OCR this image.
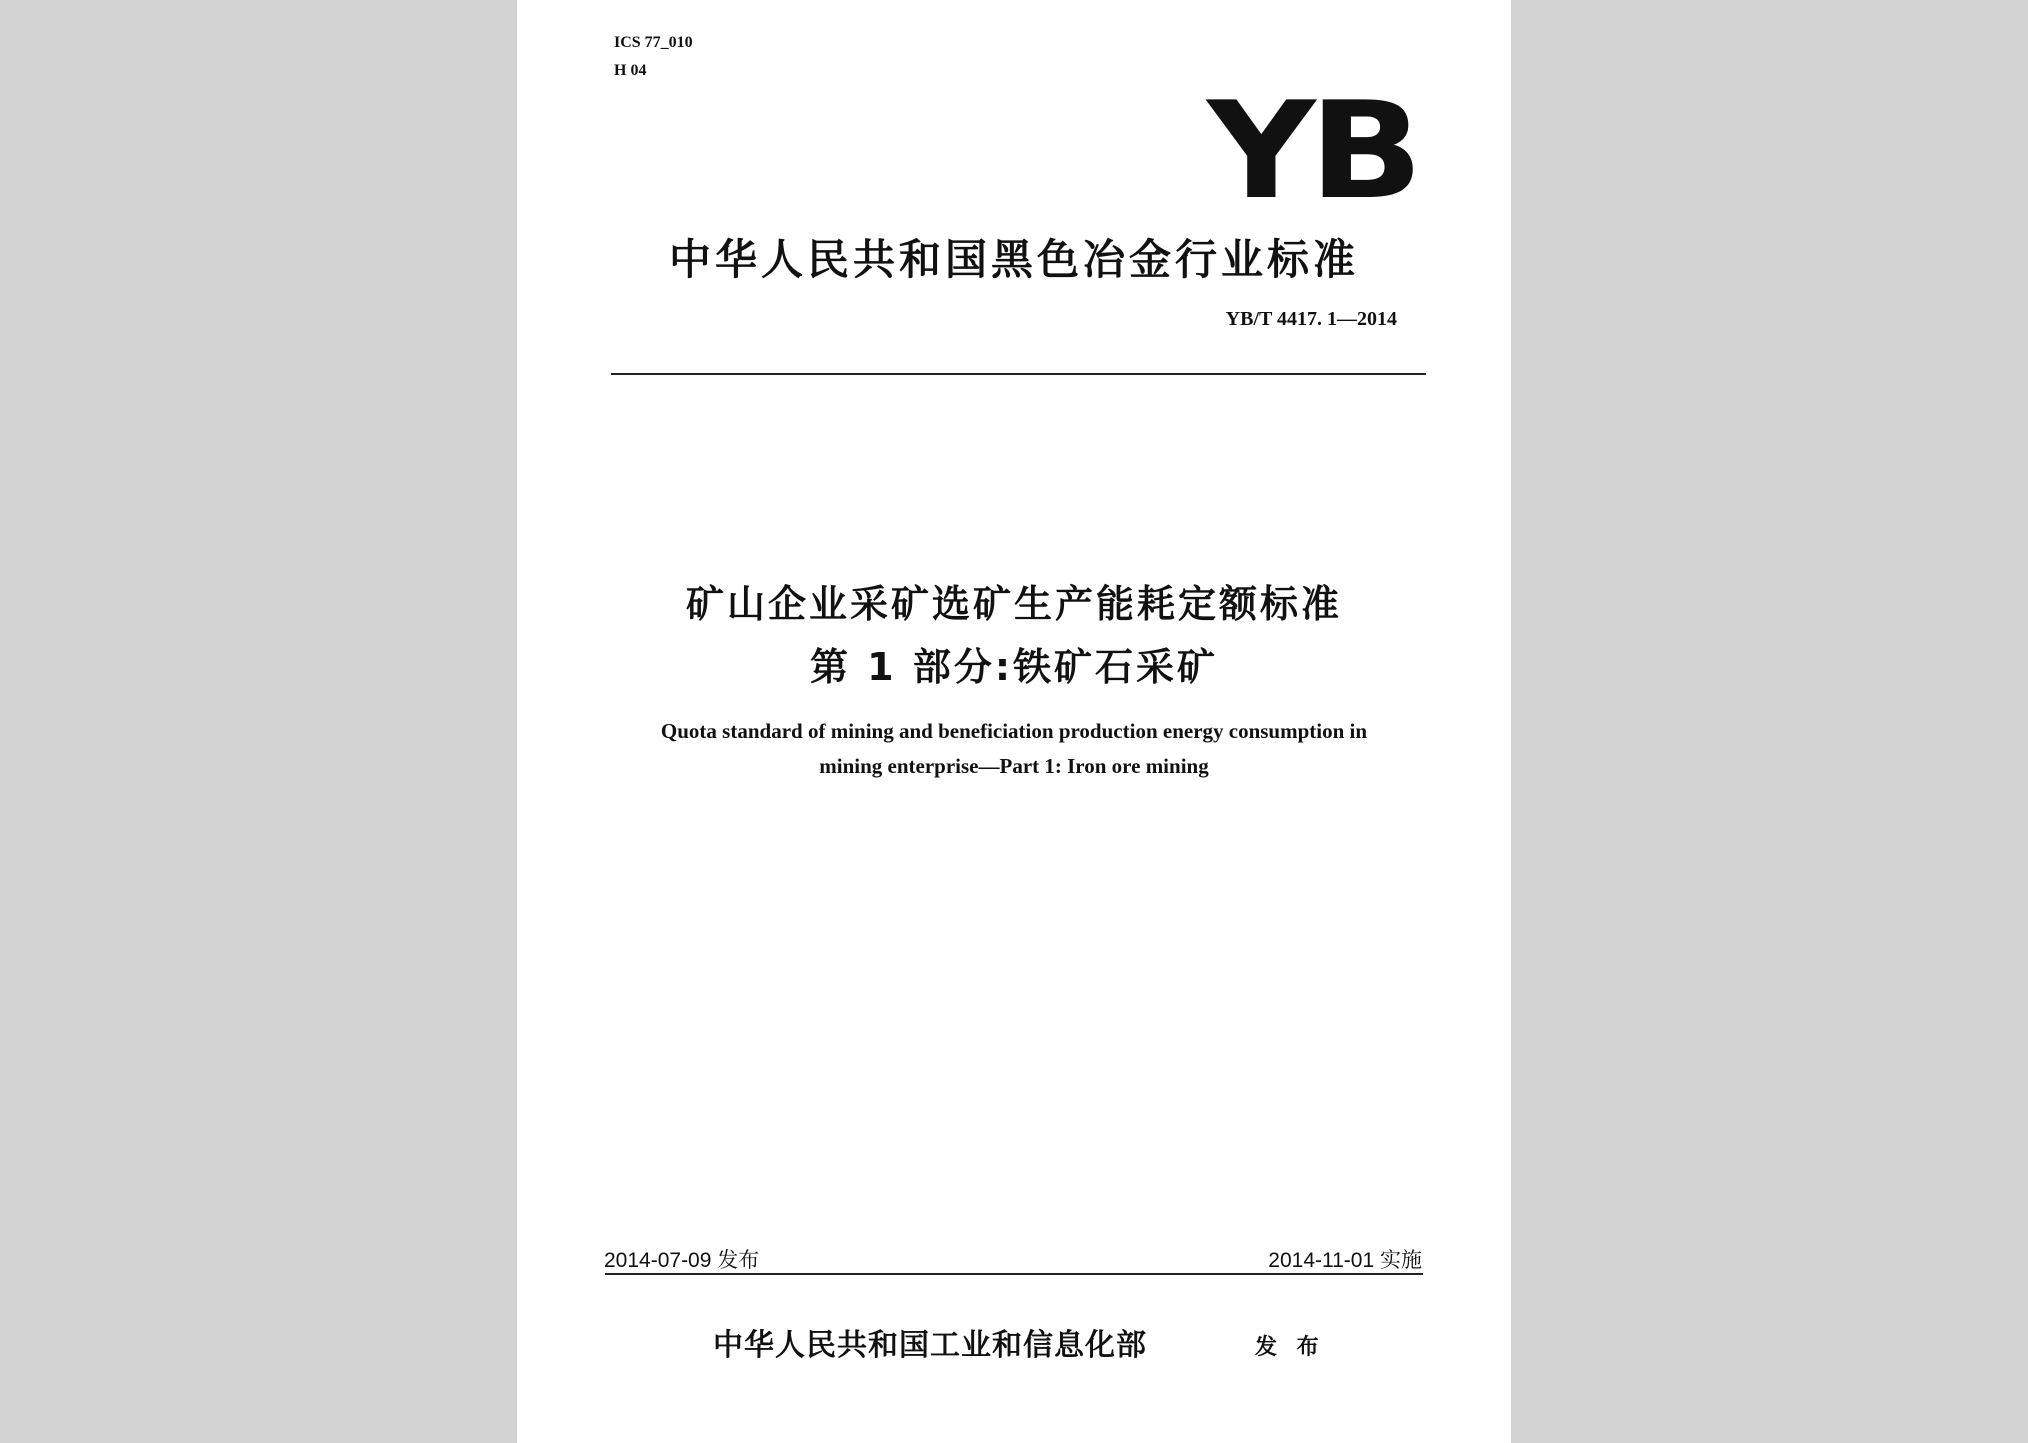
ICS 77_010
H 04
YB
中华人民共和国黑色冶金行业标准
YB/T 4417. 1—2014
矿山企业采矿选矿生产能耗定额标准
第 1 部分:铁矿石采矿
Quota standard of mining and beneficiation production energy consumption in
mining enterprise—Part 1: Iron ore mining
2014-07-09 发布	2014-11-01 实施
中华人民共和国工业和信息化部	发 布
